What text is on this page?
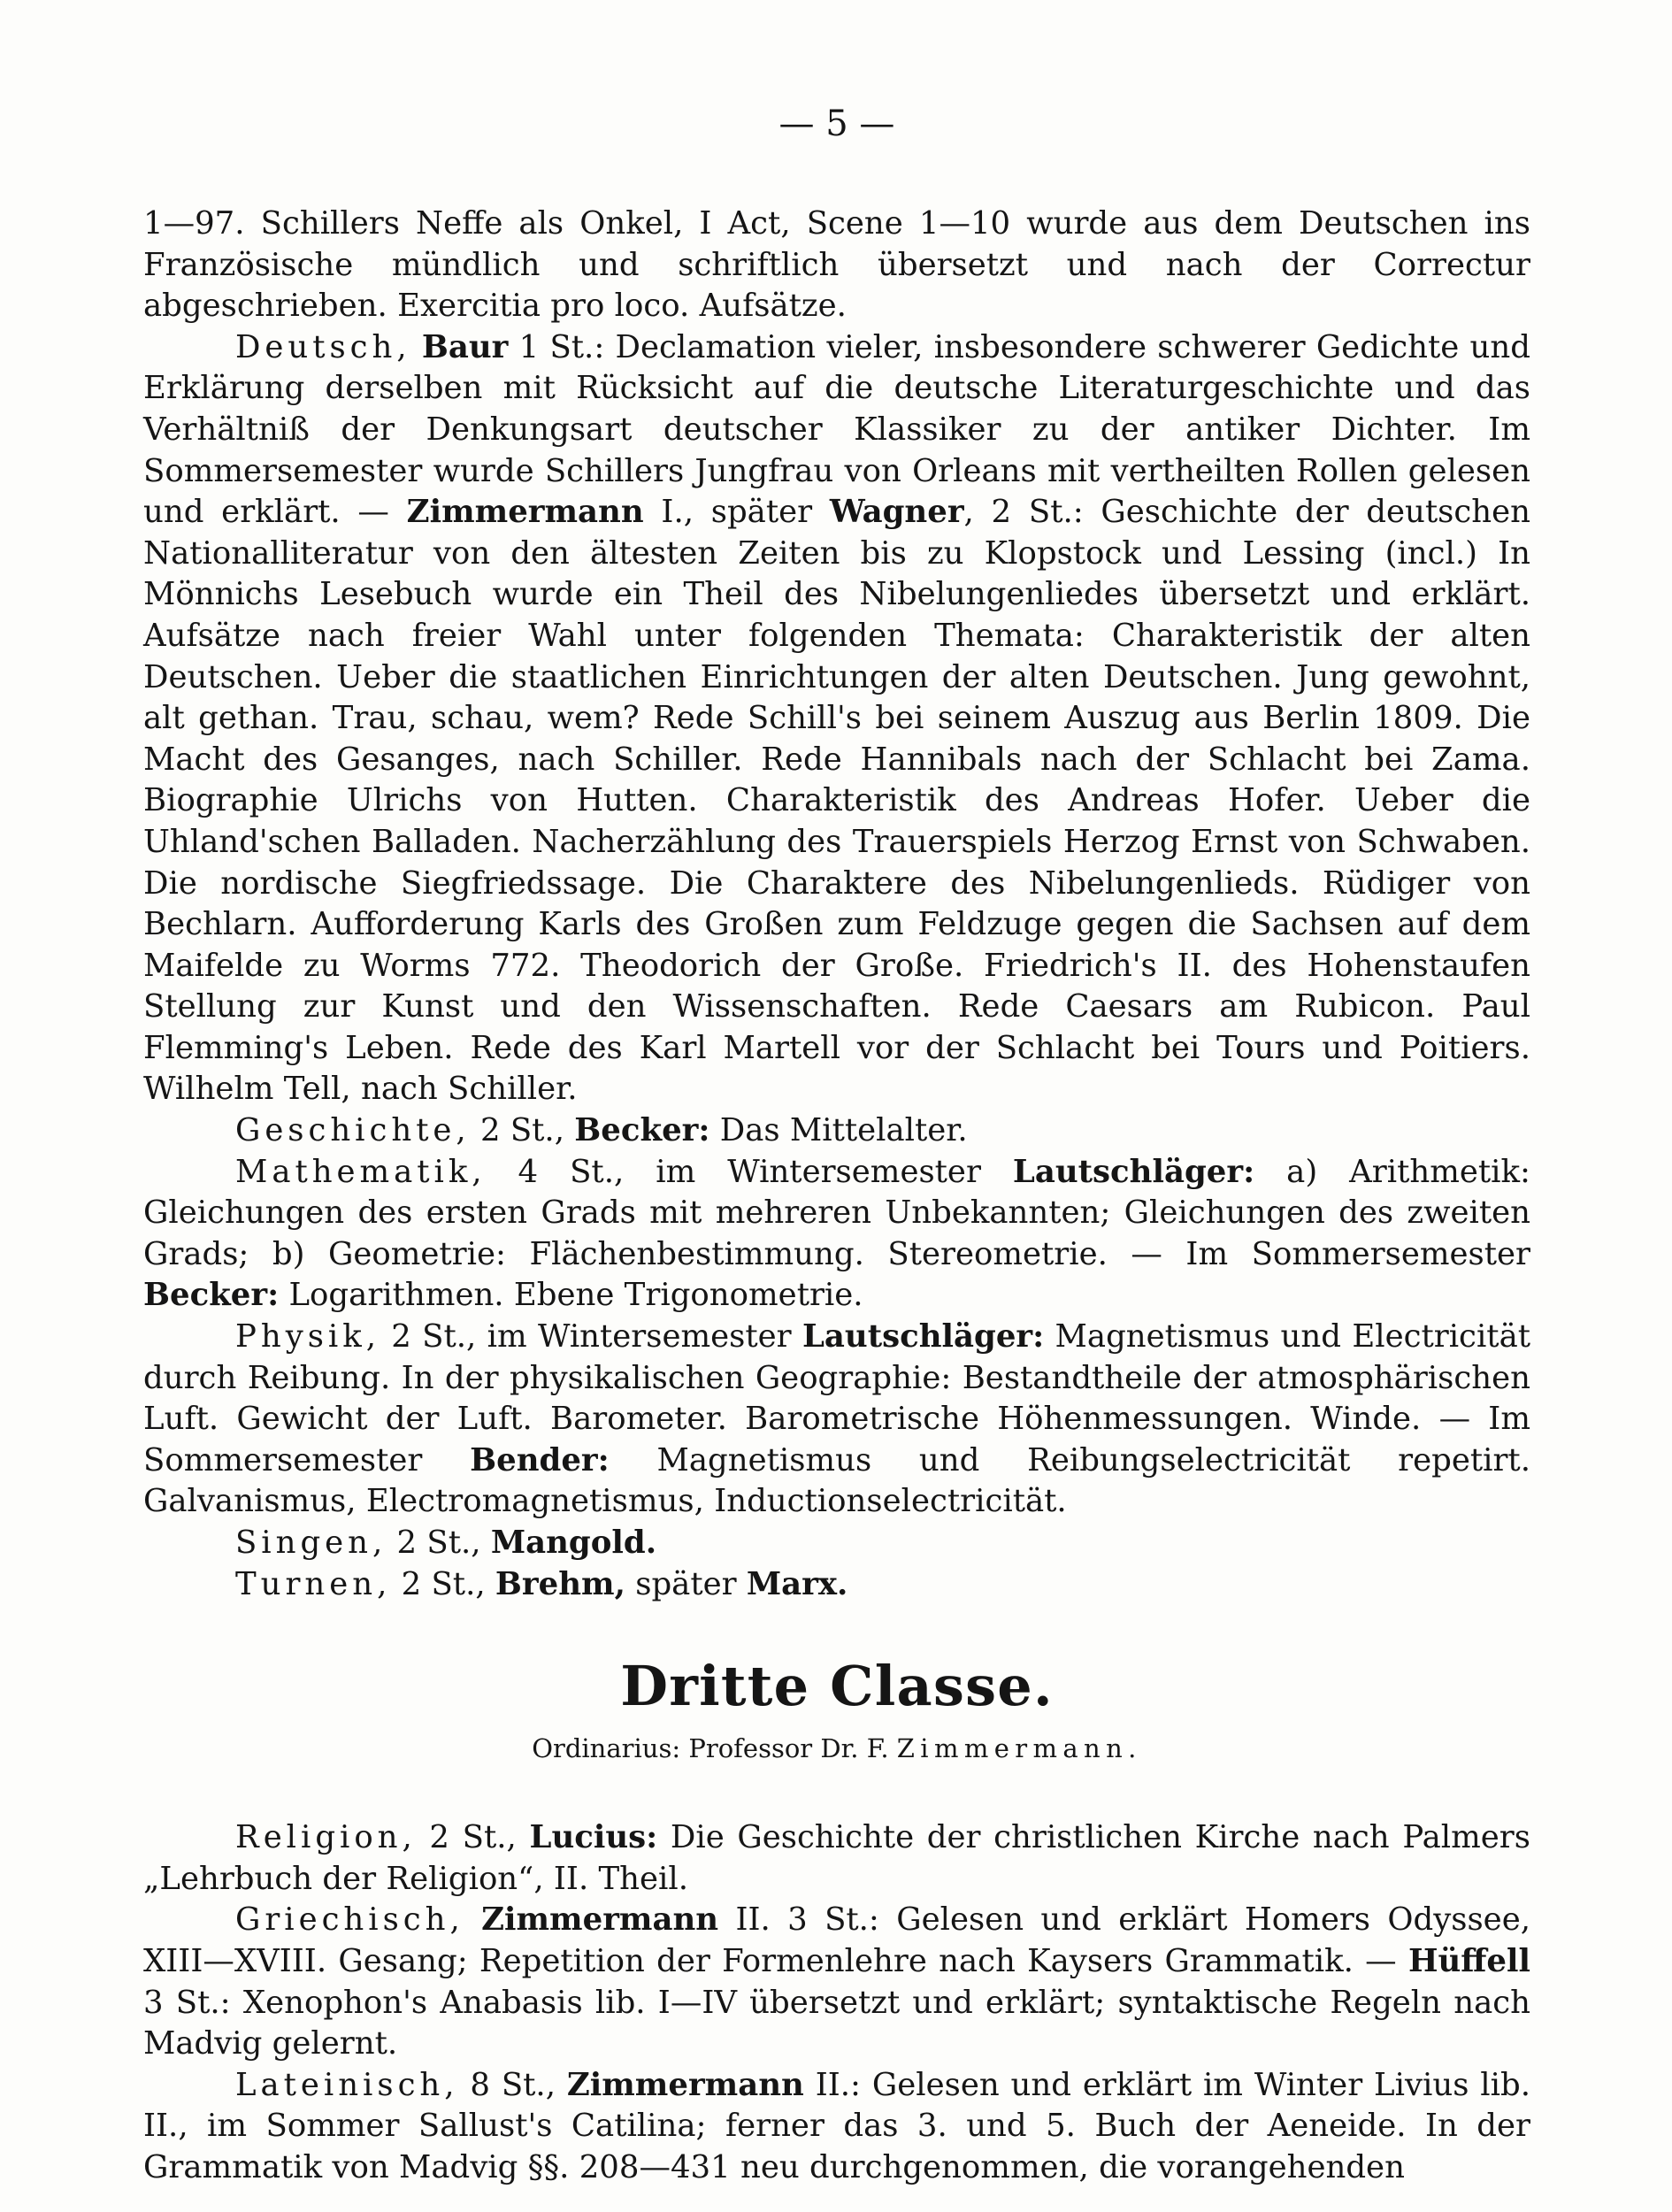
— 5 —

1—97. Schillers Neffe als Onkel, I Act, Scene 1—10 wurde aus dem Deutschen ins Französische mündlich und schriftlich übersetzt und nach der Correctur abgeschrieben. Exercitia pro loco. Aufsätze.

Deutsch, Baur 1 St.: Declamation vieler, insbesondere schwerer Gedichte und Erklärung derselben mit Rücksicht auf die deutsche Literaturgeschichte und das Verhältniß der Denkungsart deutscher Klassiker zu der antiker Dichter. Im Sommersemester wurde Schillers Jungfrau von Orleans mit vertheilten Rollen gelesen und erklärt. — Zimmermann I., später Wagner, 2 St.: Geschichte der deutschen Nationalliteratur von den ältesten Zeiten bis zu Klopstock und Lessing (incl.) In Mönnichs Lesebuch wurde ein Theil des Nibelungenliedes übersetzt und erklärt. Aufsätze nach freier Wahl unter folgenden Themata: Charakteristik der alten Deutschen. Ueber die staatlichen Einrichtungen der alten Deutschen. Jung gewohnt, alt gethan. Trau, schau, wem? Rede Schill's bei seinem Auszug aus Berlin 1809. Die Macht des Gesanges, nach Schiller. Rede Hannibals nach der Schlacht bei Zama. Biographie Ulrichs von Hutten. Charakteristik des Andreas Hofer. Ueber die Uhland'schen Balladen. Nacherzählung des Trauerspiels Herzog Ernst von Schwaben. Die nordische Siegfriedssage. Die Charaktere des Nibelungenlieds. Rüdiger von Bechlarn. Aufforderung Karls des Großen zum Feldzuge gegen die Sachsen auf dem Maifelde zu Worms 772. Theodorich der Große. Friedrich's II. des Hohenstaufen Stellung zur Kunst und den Wissenschaften. Rede Caesars am Rubicon. Paul Flemming's Leben. Rede des Karl Martell vor der Schlacht bei Tours und Poitiers. Wilhelm Tell, nach Schiller.

Geschichte, 2 St., Becker: Das Mittelalter.

Mathematik, 4 St., im Wintersemester Lautschläger: a) Arithmetik: Gleichungen des ersten Grads mit mehreren Unbekannten; Gleichungen des zweiten Grads; b) Geometrie: Flächenbestimmung. Stereometrie. — Im Sommersemester Becker: Logarithmen. Ebene Trigonometrie.

Physik, 2 St., im Wintersemester Lautschläger: Magnetismus und Electricität durch Reibung. In der physikalischen Geographie: Bestandtheile der atmosphärischen Luft. Gewicht der Luft. Barometer. Barometrische Höhenmessungen. Winde. — Im Sommersemester Bender: Magnetismus und Reibungselectricität repetirt. Galvanismus, Electromagnetismus, Inductionselectricität.

Singen, 2 St., Mangold.

Turnen, 2 St., Brehm, später Marx.

Dritte Classe.
Ordinarius: Professor Dr. F. Zimmermann.

Religion, 2 St., Lucius: Die Geschichte der christlichen Kirche nach Palmers „Lehrbuch der Religion“, II. Theil.

Griechisch, Zimmermann II. 3 St.: Gelesen und erklärt Homers Odyssee, XIII—XVIII. Gesang; Repetition der Formenlehre nach Kaysers Grammatik. — Hüffell 3 St.: Xenophon's Anabasis lib. I—IV übersetzt und erklärt; syntaktische Regeln nach Madvig gelernt.

Lateinisch, 8 St., Zimmermann II.: Gelesen und erklärt im Winter Livius lib. II., im Sommer Sallust's Catilina; ferner das 3. und 5. Buch der Aeneide. In der Grammatik von Madvig §§. 208—431 neu durchgenommen, die vorangehenden
